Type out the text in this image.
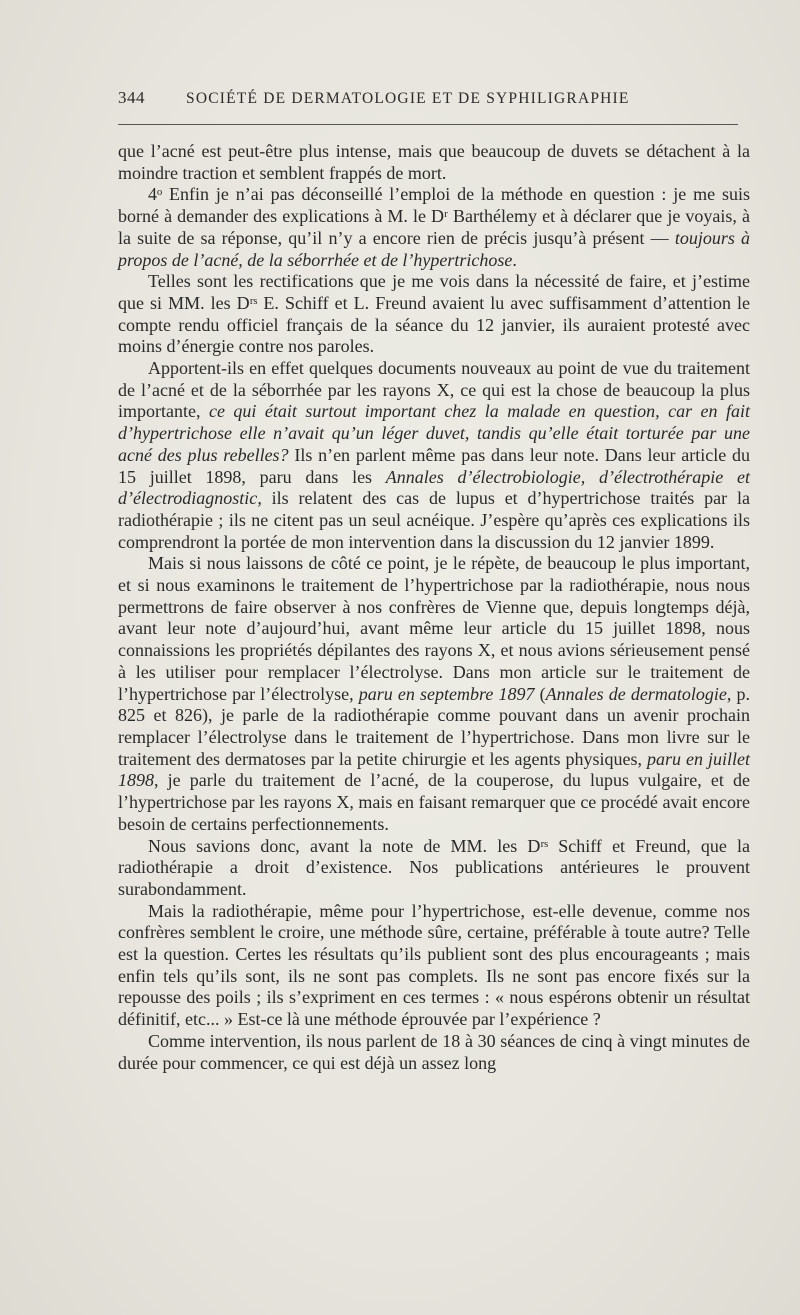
344	SOCIÉTÉ DE DERMATOLOGIE ET DE SYPHILIGRAPHIE

que l’acné est peut-être plus intense, mais que beaucoup de duvets se détachent à la moindre traction et semblent frappés de mort.

4ᵒ Enfin je n’ai pas déconseillé l’emploi de la méthode en question : je me suis borné à demander des explications à M. le Dʳ Barthélemy et à déclarer que je voyais, à la suite de sa réponse, qu’il n’y a encore rien de précis jusqu’à présent — toujours à propos de l’acné, de la séborrhée et de l’hypertrichose.

Telles sont les rectifications que je me vois dans la nécessité de faire, et j’estime que si MM. les Dʳˢ E. Schiff et L. Freund avaient lu avec suffisamment d’attention le compte rendu officiel français de la séance du 12 janvier, ils auraient protesté avec moins d’énergie contre nos paroles.

Apportent-ils en effet quelques documents nouveaux au point de vue du traitement de l’acné et de la séborrhée par les rayons X, ce qui est la chose de beaucoup la plus importante, ce qui était surtout important chez la malade en question, car en fait d’hypertrichose elle n’avait qu’un léger duvet, tandis qu’elle était torturée par une acné des plus rebelles? Ils n’en parlent même pas dans leur note. Dans leur article du 15 juillet 1898, paru dans les Annales d’électrobiologie, d’électrothérapie et d’électrodiagnostic, ils relatent des cas de lupus et d’hypertrichose traités par la radiothérapie ; ils ne citent pas un seul acnéique. J’espère qu’après ces explications ils comprendront la portée de mon intervention dans la discussion du 12 janvier 1899.

Mais si nous laissons de côté ce point, je le répète, de beaucoup le plus important, et si nous examinons le traitement de l’hypertrichose par la radiothérapie, nous nous permettrons de faire observer à nos confrères de Vienne que, depuis longtemps déjà, avant leur note d’aujourd’hui, avant même leur article du 15 juillet 1898, nous connaissions les propriétés dépilantes des rayons X, et nous avions sérieusement pensé à les utiliser pour remplacer l’électrolyse. Dans mon article sur le traitement de l’hypertrichose par l’électrolyse, paru en septembre 1897 (Annales de dermatologie, p. 825 et 826), je parle de la radiothérapie comme pouvant dans un avenir prochain remplacer l’électrolyse dans le traitement de l’hypertrichose. Dans mon livre sur le traitement des dermatoses par la petite chirurgie et les agents physiques, paru en juillet 1898, je parle du traitement de l’acné, de la couperose, du lupus vulgaire, et de l’hypertrichose par les rayons X, mais en faisant remarquer que ce procédé avait encore besoin de certains perfectionnements.

Nous savions donc, avant la note de MM. les Dʳˢ Schiff et Freund, que la radiothérapie a droit d’existence. Nos publications antérieures le prouvent surabondamment.

Mais la radiothérapie, même pour l’hypertrichose, est-elle devenue, comme nos confrères semblent le croire, une méthode sûre, certaine, préférable à toute autre? Telle est la question. Certes les résultats qu’ils publient sont des plus encourageants ; mais enfin tels qu’ils sont, ils ne sont pas complets. Ils ne sont pas encore fixés sur la repousse des poils ; ils s’expriment en ces termes : « nous espérons obtenir un résultat définitif, etc... » Est-ce là une méthode éprouvée par l’expérience ?

Comme intervention, ils nous parlent de 18 à 30 séances de cinq à vingt minutes de durée pour commencer, ce qui est déjà un assez long
